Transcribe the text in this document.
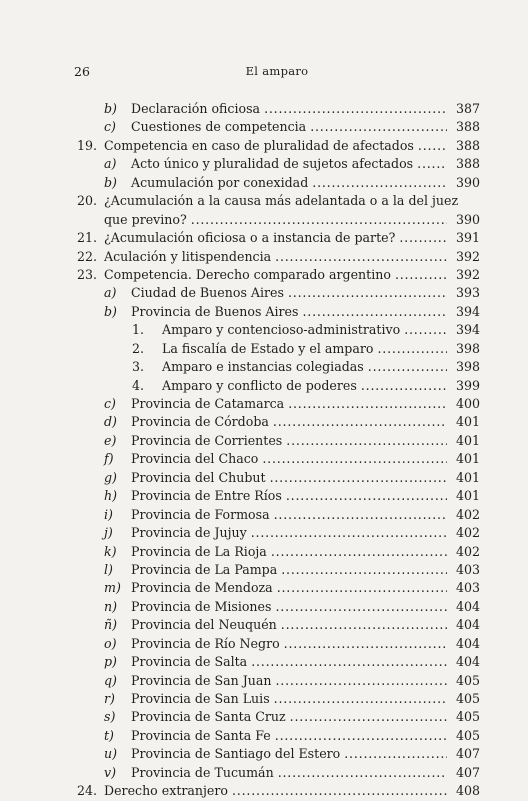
26	El amparo
b) Declaración oficiosa . . .	387
c) Cuestiones de competencia . . .	388
19. Competencia en caso de pluralidad de afectados . . .	388
a) Acto único y pluralidad de sujetos afectados . . .	388
b) Acumulación por conexidad . . .	390
20. ¿Acumulación a la causa más adelantada o a la del juez
que previno? . . .	390
21. ¿Acumulación oficiosa o a instancia de parte? . . .	391
22. Aculación y litispendencia . . .	392
23. Competencia. Derecho comparado argentino . . .	392
a) Ciudad de Buenos Aires . . .	393
b) Provincia de Buenos Aires . . .	394
1. Amparo y contencioso-administrativo . . .	394
2. La fiscalía de Estado y el amparo . . .	398
3. Amparo e instancias colegiadas . . .	398
4. Amparo y conflicto de poderes . . .	399
c) Provincia de Catamarca . . .	400
d) Provincia de Córdoba . . .	401
e) Provincia de Corrientes . . .	401
f) Provincia del Chaco . . .	401
g) Provincia del Chubut . . .	401
h) Provincia de Entre Ríos . . .	401
i) Provincia de Formosa . . .	402
j) Provincia de Jujuy . . .	402
k) Provincia de La Rioja . . .	402
l) Provincia de La Pampa . . .	403
m) Provincia de Mendoza . . .	403
n) Provincia de Misiones . . .	404
ñ) Provincia del Neuquén . . .	404
o) Provincia de Río Negro . . .	404
p) Provincia de Salta . . .	404
q) Provincia de San Juan . . .	405
r) Provincia de San Luis . . .	405
s) Provincia de Santa Cruz . . .	405
t) Provincia de Santa Fe . . .	405
u) Provincia de Santiago del Estero . . .	407
v) Provincia de Tucumán . . .	407
24. Derecho extranjero . . .	408
